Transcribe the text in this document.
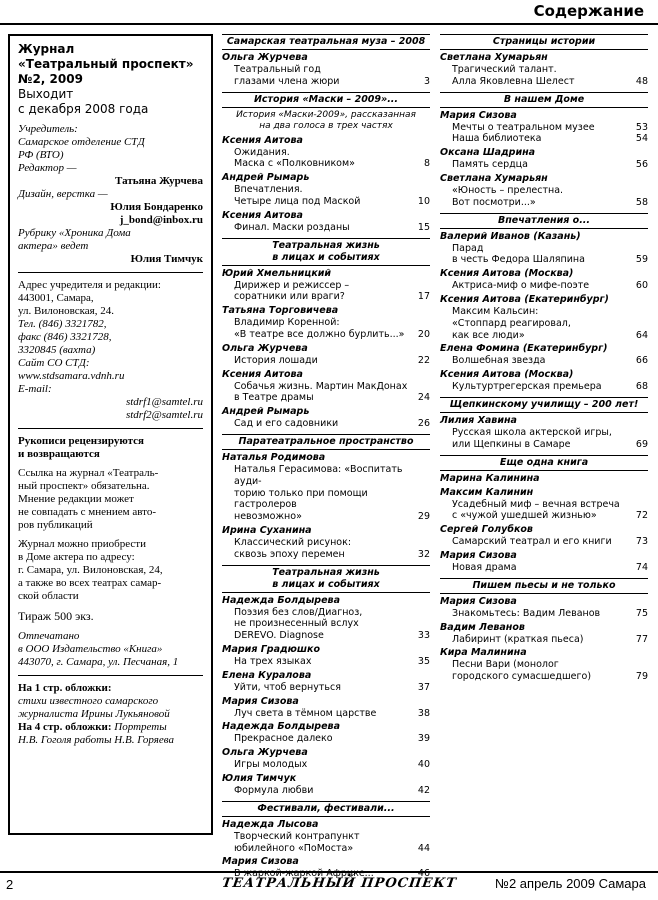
Содержание
Журнал
«Театральный проспект»
№2, 2009
Выходит
с декабря 2008 года
Учредитель:
Самарское отделение СТД
РФ (ВТО)
Редактор —
Татьяна Журчева
Дизайн, верстка —
Юлия Бондаренко
j_bond@inbox.ru
Рубрику «Хроника Дома
актера» ведет
Юлия Тимчук
Адрес учредителя и редакции:
443001, Самара,
ул. Вилоновская, 24.
Тел. (846) 3321782,
факс (846) 3321728,
3320845 (вахта)
Сайт СО СТД:
www.stdsamara.vdnh.ru
E-mail:
stdrf1@samtel.ru
stdrf2@samtel.ru
Рукописи рецензируются
и возвращаются
Ссылка на журнал «Театраль-
ный проспект» обязательна.
Мнение редакции может
не совпадать с мнением авто-
ров публикаций
Журнал можно приобрести
в Доме актера по адресу:
г. Самара, ул. Вилоновская, 24,
а также во всех театрах самар-
ской области
Тираж 500 экз.
Отпечатано
в ООО Издательство «Книга»
443070, г. Самара, ул. Песчаная, 1
На 1 стр. обложки:
стихи известного самарского
журналиста Ирины Лукьяновой
На 4 стр. обложки: Портреты
Н.В. Гоголя работы Н.В. Горяева
Самарская театральная муза – 2008
Ольга Журчева
Театральный год
глазами члена жюри	3
История «Маски – 2009»...
История «Маски-2009», рассказанная
на два голоса в трех частях
Ксения Аитова
Ожидания.
Маска с «Полковником»	8
Андрей Рымарь
Впечатления.
Четыре лица под Маской	10
Ксения Аитова
Финал. Маски розданы	15
Театральная жизнь
в лицах и событиях
Юрий Хмельницкий
Дирижер и режиссер –
соратники или враги?	17
Татьяна Торговичева
Владимир Коренной:
«В театре все должно бурлить...»	20
Ольга Журчева
История лошади	22
Ксения Аитова
Собачья жизнь. Мартин МакДонах
в Театре драмы	24
Андрей Рымарь
Сад и его садовники	26
Паратеатральное пространство
Наталья Родимова
Наталья Герасимова: «Воспитать ауди-
торию только при помощи гастролеров
невозможно»	29
Ирина Суханина
Классический рисунок:
сквозь эпоху перемен	32
Театральная жизнь
в лицах и событиях
Надежда Болдырева
Поэзия без слов/Диагноз,
не произнесенный вслух
DEREVO. Diagnose	33
Мария Градюшко
На трех языках	35
Елена Куралова
Уйти, чтоб вернуться	37
Мария Сизова
Луч света в тёмном царстве	38
Надежда Болдырева
Прекрасное далеко	39
Ольга Журчева
Игры молодых	40
Юлия Тимчук
Формула любви	42
Фестивали, фестивали...
Надежда Лысова
Творческий контрапункт
юбилейного «ПоМоста»	44
Мария Сизова
В жаркой-жаркой Африке...	46
Страницы истории
Светлана Хумарьян
Трагический талант.
Алла Яковлевна Шелест	48
В нашем Доме
Мария Сизова
Мечты о театральном музее	53
Наша библиотека	54
Оксана Шадрина
Память сердца	56
Светлана Хумарьян
«Юность – прелестна.
Вот посмотри...»	58
Впечатления о...
Валерий Иванов (Казань)
Парад
в честь Федора Шаляпина	59
Ксения Аитова (Москва)
Актриса-миф о мифе-поэте	60
Ксения Аитова (Екатеринбург)
Максим Кальсин:
«Стоппард реагировал,
как все люди»	64
Елена Фомина (Екатеринбург)
Волшебная звезда	66
Ксения Аитова (Москва)
Культуртрегерская премьера	68
Щепкинскому училищу – 200 лет!
Лилия Хавина
Русская школа актерской игры,
или Щепкины в Самаре	69
Еще одна книга
Марина Калинина
Максим Калинин
Усадебный миф – вечная встреча
с «чужой ушедшей жизнью»	72
Сергей Голубков
Самарский театрал и его книги	73
Мария Сизова
Новая драма	74
Пишем пьесы и не только
Мария Сизова
Знакомьтесь: Вадим Леванов	75
Вадим Леванов
Лабиринт (краткая пьеса)	77
Кира Малинина
Песни Вари (монолог
городского сумасшедшего)	79
2	ТЕАТРАЛЬНЫЙ ПРОСПЕКТ	№2 апрель 2009 Самара
